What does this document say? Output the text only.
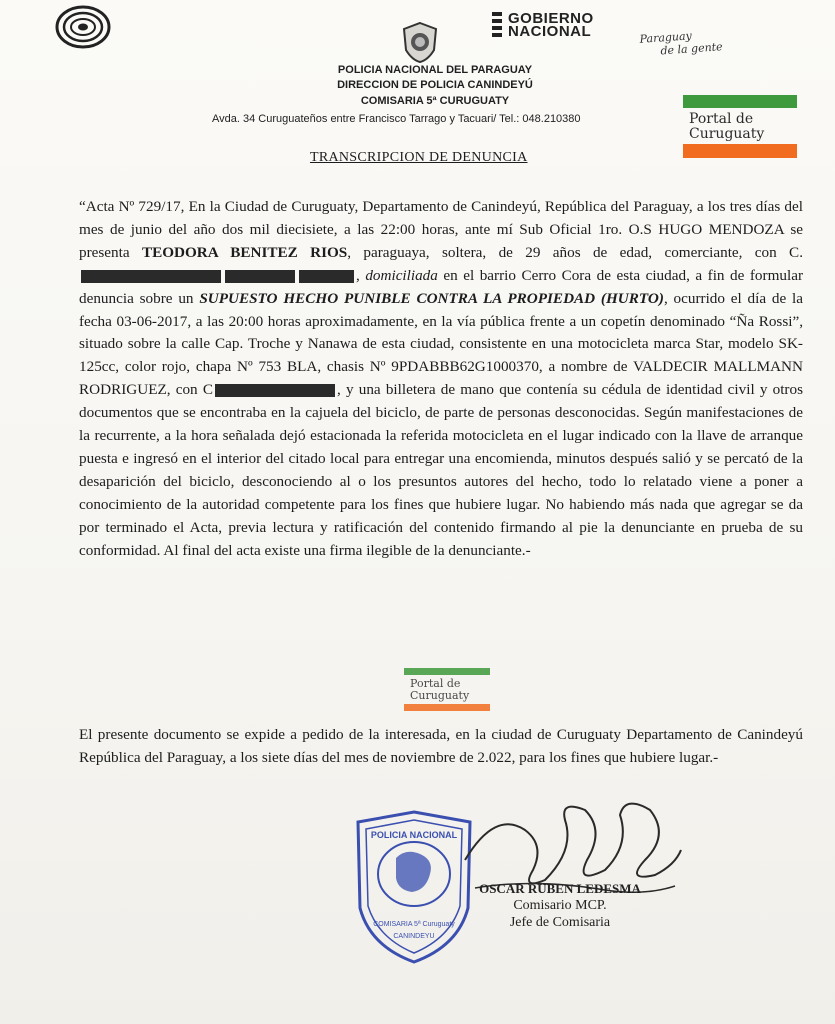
GOBIERNO
NACIONAL	Paraguay
de la gente
POLICIA NACIONAL DEL PARAGUAY
DIRECCION DE POLICIA CANINDEYÚ
COMISARIA 5ª CURUGUATY
Avda. 34 Curuguateños entre Francisco Tarrago y Tacuari/ Tel.: 048.210380	Portal de
Curuguaty
TRANSCRIPCION DE DENUNCIA
“Acta Nº 729/17, En la Ciudad de Curuguaty, Departamento de Canindeyú, República del Paraguay, a los tres días del mes de junio del año dos mil diecisiete, a las 22:00 horas, ante mí Sub Oficial 1ro. O.S HUGO MENDOZA se presenta TEODORA BENITEZ RIOS, paraguaya, soltera, de 29 años de edad, comerciante, con C., domiciliada en el barrio Cerro Cora de esta ciudad, a fin de formular denuncia sobre un SUPUESTO HECHO PUNIBLE CONTRA LA PROPIEDAD (HURTO), ocurrido el día de la fecha 03-06-2017, a las 20:00 horas aproximadamente, en la vía pública frente a un copetín denominado “Ña Rossi”, situado sobre la calle Cap. Troche y Nanawa de esta ciudad, consistente en una motocicleta marca Star, modelo SK-125cc, color rojo, chapa Nº 753 BLA, chasis Nº 9PDABBB62G1000370, a nombre de VALDECIR MALLMANN RODRIGUEZ, con C	, y una billetera de mano que contenía su cédula de identidad civil y otros documentos que se encontraba en la cajuela del biciclo, de parte de personas desconocidas. Según manifestaciones de la recurrente, a la hora señalada dejó estacionada la referida motocicleta en el lugar indicado con la llave de arranque puesta e ingresó en el interior del citado local para entregar una encomienda, minutos después salió y se percató de la desaparición del biciclo, desconociendo al o los presuntos autores del hecho, todo lo relatado viene a poner a conocimiento de la autoridad competente para los fines que hubiere lugar. No habiendo más nada que agregar se da por terminado el Acta, previa lectura y ratificación del contenido firmando al pie la denunciante en prueba de su conformidad. Al final del acta existe una firma ilegible de la denunciante.-
Portal de
Curuguaty
El presente documento se expide a pedido de la interesada, en la ciudad de Curuguaty Departamento de Canindeyú República del Paraguay, a los siete días del mes de noviembre de 2.022, para los fines que hubiere lugar.-
POLICIA NACIONAL
COMISARIA 5ª Curuguaty
CANINDEYU
OSCAR RUBEN LEDESMA
Comisario MCP.
Jefe de Comisaria
